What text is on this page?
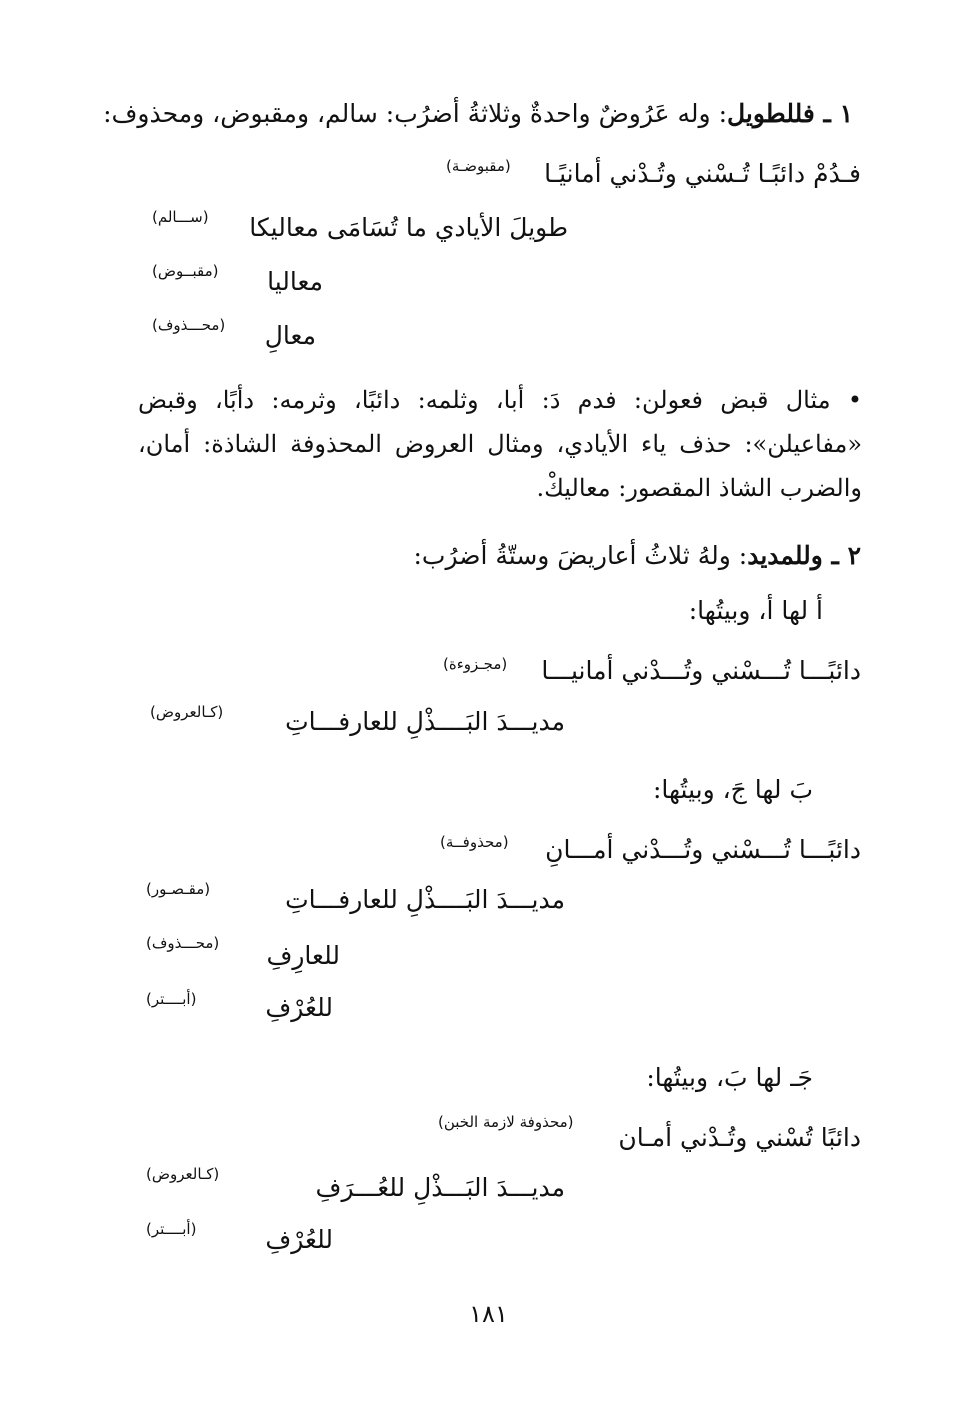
١ ـ فللطويل: وله عَرُوضٌ واحدةٌ وثلاثةُ أضرُب: سالم، ومقبوض، ومحذوف:
فـدُمْ دائبًـا تُـسْني وتُـدْني أمانيًـا
(مقبوضـة)
طويلَ الأيادي ما تُسَامَى معاليكا
(ســـالم)
معاليا
(مقبــوض)
معالِ
(محـــذوف)
• مثال قبض فعولن: فدم دَ: أبا، وثلمه: دائبًا، وثرمه: دأبًا، وقبض «مفاعيلن»: حذف ياء الأيادي، ومثال العروض المحذوفة الشاذة: أمان، والضرب الشاذ المقصور: معاليكْ.
٢ ـ وللمديد: ولهُ ثلاثُ أعاريضَ وستّةُ أضرُب:
أ لها أ، وبيتُها:
دائبًـــا تُـــسْني وتُـــدْني أمانيـــا
(مجـزوءة)
مديـــدَ البَــــذْلِ للعارفـــاتِ
(كـالعروض)
بَ لها جَ، وبيتُها:
دائبًـــا تُـــسْني وتُـــدْني أمـــانِ
(محذوفــة)
مديـــدَ البَــــذْلِ للعارفـــاتِ
(مقـصـور)
للعارِفِ
(محـــذوف)
للعُرْفِ
(أبــــتر)
جَـ لها بَ، وبيتُها:
دائبًا تُسْني وتُـدْني أمـان
(محذوفة لازمة الخبن)
مديـــدَ البَـــذْلِ للعُـــرَفِ
(كـالعروض)
للعُرْفِ
(أبــــتر)
١٨١
